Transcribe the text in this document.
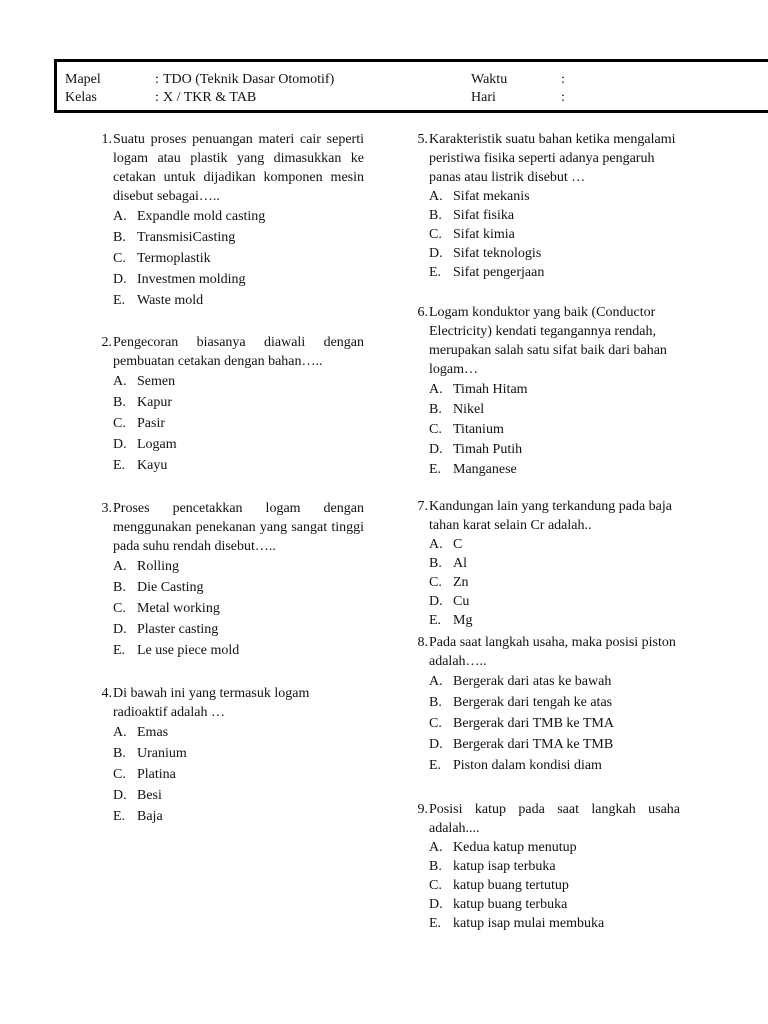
Mapel	: TDO (Teknik Dasar Otomotif)	Waktu	:
Kelas	: X / TKR & TAB	Hari	:
1. Suatu proses penuangan materi cair seperti logam atau plastik yang dimasukkan ke cetakan untuk dijadikan komponen mesin disebut sebagai…..
A. Expandle mold casting
B. TransmisiCasting
C. Termoplastik
D. Investmen molding
E. Waste mold
2. Pengecoran biasanya diawali dengan pembuatan cetakan dengan bahan…..
A. Semen
B. Kapur
C. Pasir
D. Logam
E. Kayu
3. Proses pencetakkan logam dengan menggunakan penekanan yang sangat tinggi pada suhu rendah disebut…..
A. Rolling
B. Die Casting
C. Metal working
D. Plaster casting
E. Le use piece mold
4. Di bawah ini yang termasuk logam radioaktif adalah …
A. Emas
B. Uranium
C. Platina
D. Besi
E. Baja
5. Karakteristik suatu bahan ketika mengalami peristiwa fisika seperti adanya pengaruh panas atau listrik disebut …
A. Sifat mekanis
B. Sifat fisika
C. Sifat kimia
D. Sifat teknologis
E. Sifat pengerjaan
6. Logam konduktor yang baik (Conductor Electricity) kendati tegangannya rendah, merupakan salah satu sifat baik dari bahan logam…
A. Timah Hitam
B. Nikel
C. Titanium
D. Timah Putih
E. Manganese
7. Kandungan lain yang terkandung pada baja tahan karat selain Cr adalah..
A. C
B. Al
C. Zn
D. Cu
E. Mg
8. Pada saat langkah usaha, maka posisi piston adalah…..
A. Bergerak dari atas ke bawah
B. Bergerak dari tengah ke atas
C. Bergerak dari TMB ke TMA
D. Bergerak dari TMA ke TMB
E. Piston dalam kondisi diam
9. Posisi katup pada saat langkah usaha adalah....
A. Kedua katup menutup
B. katup isap terbuka
C. katup buang tertutup
D. katup buang terbuka
E. katup isap mulai membuka
